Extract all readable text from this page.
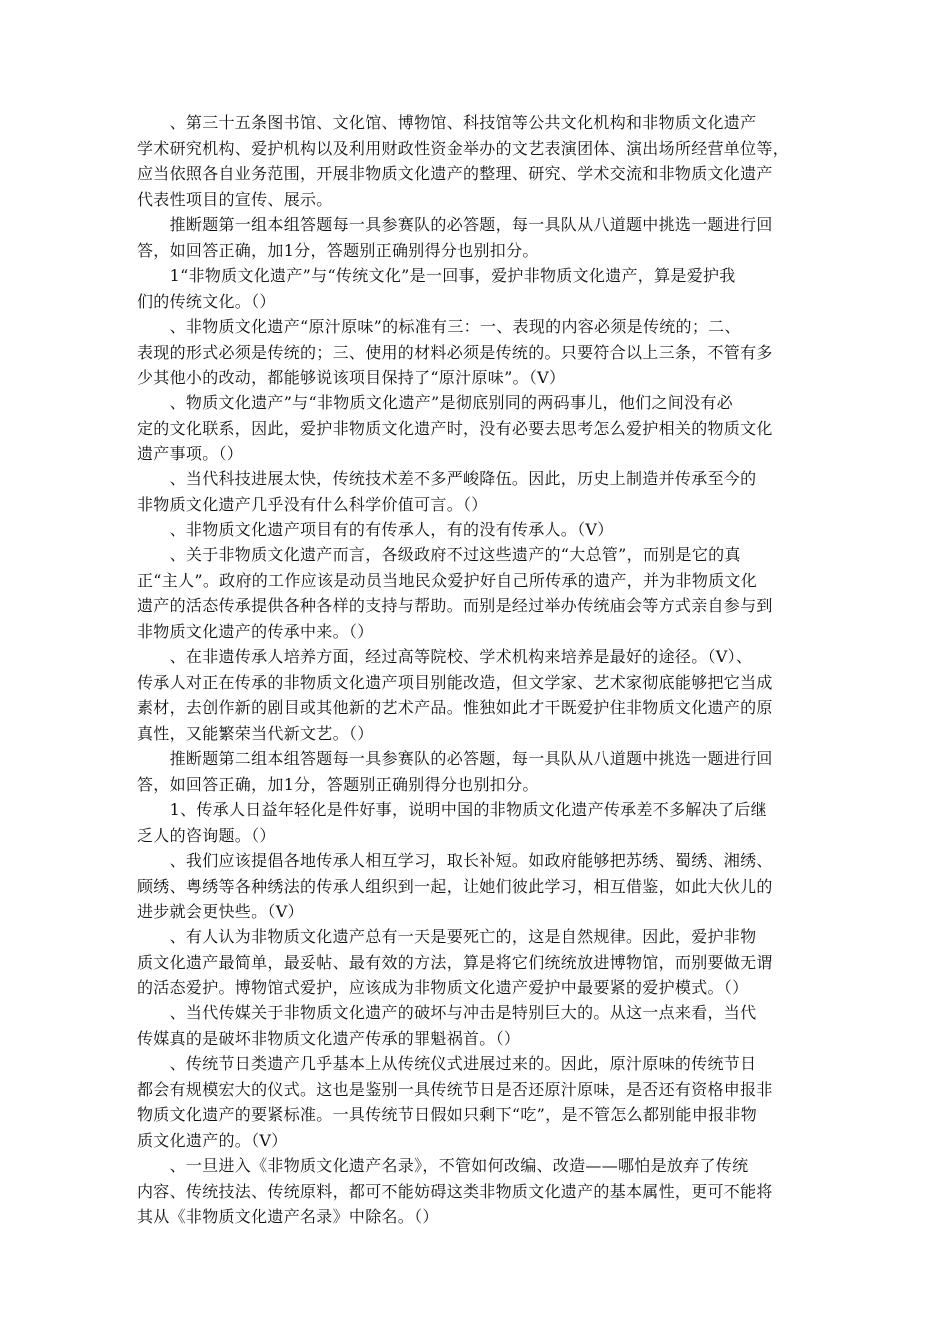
　　、第三十五条图书馆、文化馆、博物馆、科技馆等公共文化机构和非物质文化遗产
学术研究机构、爱护机构以及利用财政性资金举办的文艺表演团体、演出场所经营单位等，
应当依照各自业务范围，开展非物质文化遗产的整理、研究、学术交流和非物质文化遗产
代表性项目的宣传、展示。
　　推断题第一组本组答题每一具参赛队的必答题，每一具队从八道题中挑选一题进行回
答，如回答正确，加1分，答题别正确别得分也别扣分。
　　1“非物质文化遗产”与“传统文化”是一回事，爱护非物质文化遗产，算是爱护我
们的传统文化。（）
　　、非物质文化遗产“原汁原味”的标准有三：一、表现的内容必须是传统的；二、
表现的形式必须是传统的；三、使用的材料必须是传统的。只要符合以上三条，不管有多
少其他小的改动，都能够说该项目保持了“原汁原味”。（V）
　　、物质文化遗产”与“非物质文化遗产”是彻底别同的两码事儿，他们之间没有必
定的文化联系，因此，爱护非物质文化遗产时，没有必要去思考怎么爱护相关的物质文化
遗产事项。（）
　　、当代科技进展太快，传统技术差不多严峻降伍。因此，历史上制造并传承至今的
非物质文化遗产几乎没有什么科学价值可言。（）
　　、非物质文化遗产项目有的有传承人，有的没有传承人。（V）
　　、关于非物质文化遗产而言，各级政府不过这些遗产的“大总管”，而别是它的真
正“主人”。政府的工作应该是动员当地民众爱护好自己所传承的遗产，并为非物质文化
遗产的活态传承提供各种各样的支持与帮助。而别是经过举办传统庙会等方式亲自参与到
非物质文化遗产的传承中来。（）
　　、在非遗传承人培养方面，经过高等院校、学术机构来培养是最好的途径。（V）、
传承人对正在传承的非物质文化遗产项目别能改造，但文学家、艺术家彻底能够把它当成
素材，去创作新的剧目或其他新的艺术产品。惟独如此才干既爱护住非物质文化遗产的原
真性，又能繁荣当代新文艺。（）
　　推断题第二组本组答题每一具参赛队的必答题，每一具队从八道题中挑选一题进行回
答，如回答正确，加1分，答题别正确别得分也别扣分。
　　1、传承人日益年轻化是件好事，说明中国的非物质文化遗产传承差不多解决了后继
乏人的咨询题。（）
　　、我们应该提倡各地传承人相互学习，取长补短。如政府能够把苏绣、蜀绣、湘绣、
顾绣、粤绣等各种绣法的传承人组织到一起，让她们彼此学习，相互借鉴，如此大伙儿的
进步就会更快些。（V）
　　、有人认为非物质文化遗产总有一天是要死亡的，这是自然规律。因此，爱护非物
质文化遗产最简单，最妥帖、最有效的方法，算是将它们统统放进博物馆，而别要做无谓
的活态爱护。博物馆式爱护，应该成为非物质文化遗产爱护中最要紧的爱护模式。（）
　　、当代传媒关于非物质文化遗产的破坏与冲击是特别巨大的。从这一点来看，当代
传媒真的是破坏非物质文化遗产传承的罪魁祸首。（）
　　、传统节日类遗产几乎基本上从传统仪式进展过来的。因此，原汁原味的传统节日
都会有规模宏大的仪式。这也是鉴别一具传统节日是否还原汁原味，是否还有资格申报非
物质文化遗产的要紧标准。一具传统节日假如只剩下“吃”，是不管怎么都别能申报非物
质文化遗产的。（V）
　　、一旦进入《非物质文化遗产名录》，不管如何改编、改造——哪怕是放弃了传统
内容、传统技法、传统原料，都可不能妨碍这类非物质文化遗产的基本属性，更可不能将
其从《非物质文化遗产名录》中除名。（）
